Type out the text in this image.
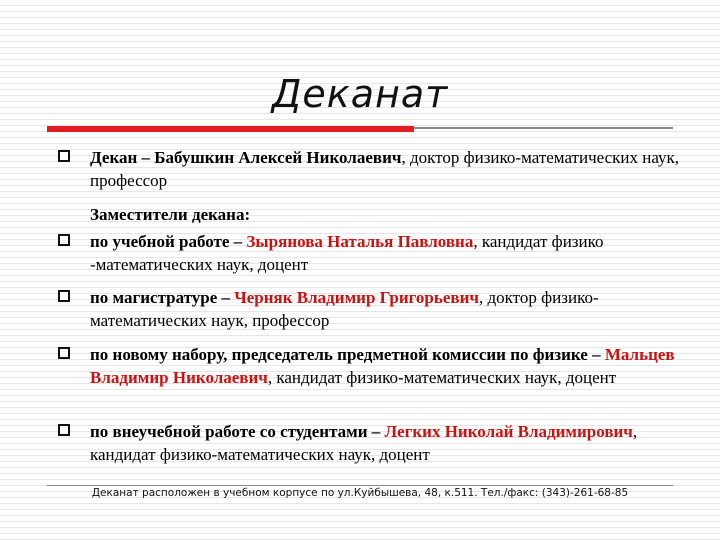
Деканат
Декан – Бабушкин Алексей Николаевич, доктор физико-математических наук, профессор
Заместители декана:
по учебной работе – Зырянова Наталья Павловна, кандидат физико -математических наук, доцент
по магистратуре – Черняк Владимир Григорьевич, доктор физико-математических наук, профессор
по новому набору, председатель предметной комиссии по физике – Мальцев Владимир Николаевич, кандидат физико-математических наук, доцент
по внеучебной работе со студентами – Легких Николай Владимирович, кандидат физико-математических наук, доцент
Деканат расположен в учебном корпусе по ул.Куйбышева, 48, к.511. Тел./факс: (343)-261-68-85
